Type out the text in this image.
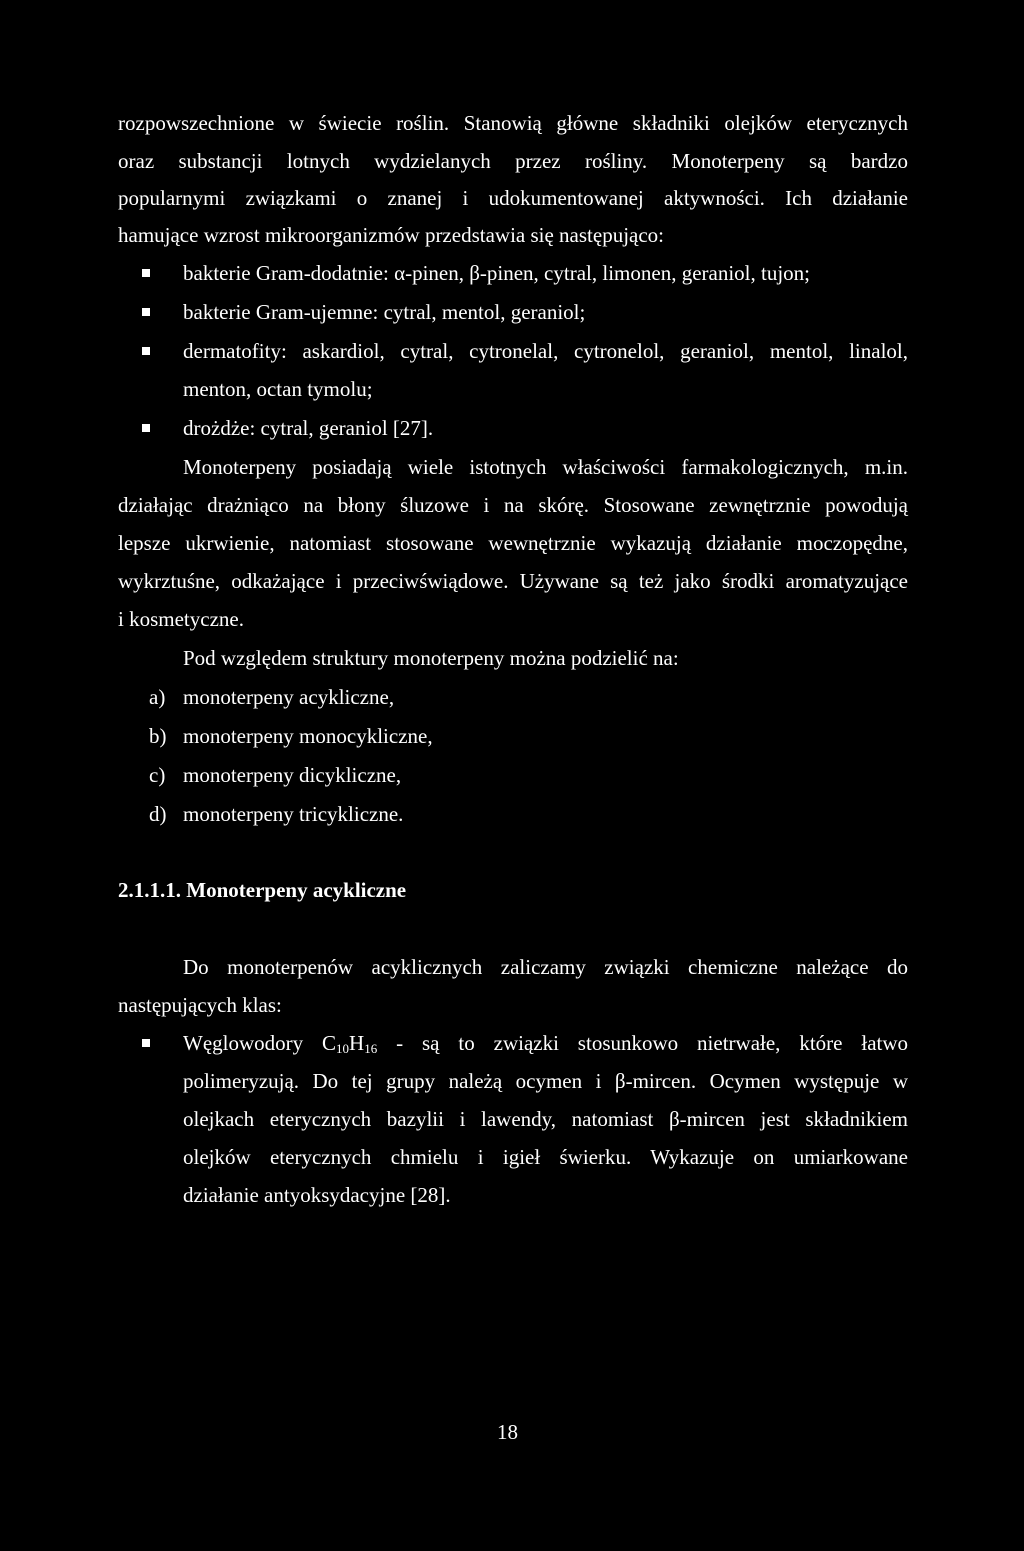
rozpowszechnione w świecie roślin. Stanowią główne składniki olejków eterycznych
oraz substancji lotnych wydzielanych przez rośliny. Monoterpeny są bardzo
popularnymi związkami o znanej i udokumentowanej aktywności. Ich działanie
hamujące wzrost mikroorganizmów przedstawia się następująco:
bakterie Gram-dodatnie: α-pinen, β-pinen, cytral, limonen, geraniol, tujon;
bakterie Gram-ujemne: cytral, mentol, geraniol;
dermatofity: askardiol, cytral, cytronelal, cytronelol, geraniol, mentol, linalol,
menton, octan tymolu;
drożdże: cytral, geraniol [27].
Monoterpeny posiadają wiele istotnych właściwości farmakologicznych, m.in.
działając drażniąco na błony śluzowe i na skórę. Stosowane zewnętrznie powodują
lepsze ukrwienie, natomiast stosowane wewnętrznie wykazują działanie moczopędne,
wykrztuśne, odkażające i przeciwświądowe. Używane są też jako środki aromatyzujące
i kosmetyczne.
Pod względem struktury monoterpeny można podzielić na:
a) monoterpeny acykliczne,
b) monoterpeny monocykliczne,
c) monoterpeny dicykliczne,
d) monoterpeny tricykliczne.
2.1.1.1. Monoterpeny acykliczne
Do monoterpenów acyklicznych zaliczamy związki chemiczne należące do
następujących klas:
Węglowodory $C_{10}H_{16}$ - są to związki stosunkowo nietrwałe, które łatwo
polimeryzują. Do tej grupy należą ocymen i β-mircen. Ocymen występuje w
olejkach eterycznych bazylii i lawendy, natomiast β-mircen jest składnikiem
olejków eterycznych chmielu i igieł świerku. Wykazuje on umiarkowane
działanie antyoksydacyjne [28].
18
